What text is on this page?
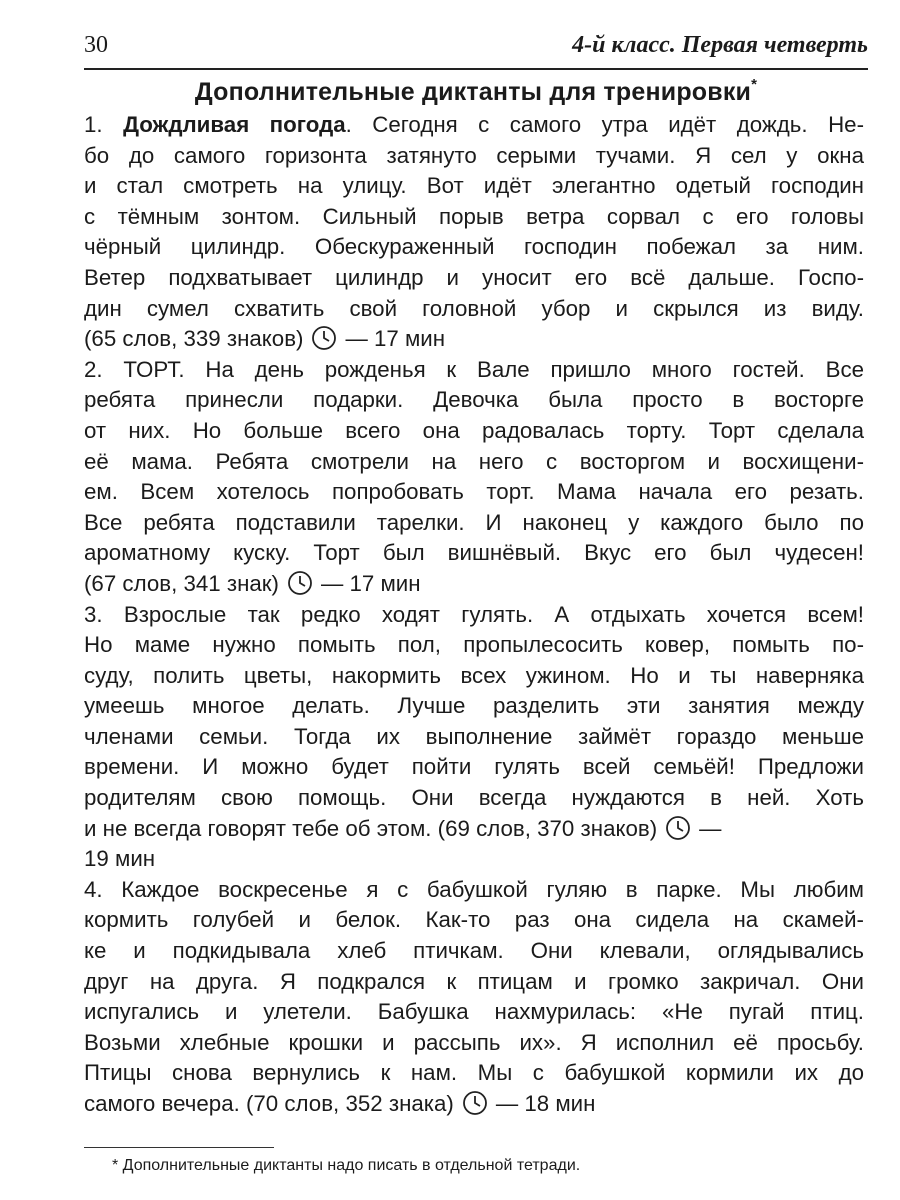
30	4-й класс. Первая четверть
Дополнительные диктанты для тренировки*
1. Дождливая погода. Сегодня с самого утра идёт дождь. Не-
бо до самого горизонта затянуто серыми тучами. Я сел у окна
и стал смотреть на улицу. Вот идёт элегантно одетый господин
с тёмным зонтом. Сильный порыв ветра сорвал с его головы
чёрный цилиндр. Обескураженный господин побежал за ним.
Ветер подхватывает цилиндр и уносит его всё дальше. Госпо-
дин сумел схватить свой головной убор и скрылся из виду.
(65 слов, 339 знаков) — 17 мин
2. ТОРТ. На день рожденья к Вале пришло много гостей. Все
ребята принесли подарки. Девочка была просто в восторге
от них. Но больше всего она радовалась торту. Торт сделала
её мама. Ребята смотрели на него с восторгом и восхищени-
ем. Всем хотелось попробовать торт. Мама начала его резать.
Все ребята подставили тарелки. И наконец у каждого было по
ароматному куску. Торт был вишнёвый. Вкус его был чудесен!
(67 слов, 341 знак) — 17 мин
3. Взрослые так редко ходят гулять. А отдыхать хочется всем!
Но маме нужно помыть пол, пропылесосить ковер, помыть по-
суду, полить цветы, накормить всех ужином. Но и ты наверняка
умеешь многое делать. Лучше разделить эти занятия между
членами семьи. Тогда их выполнение займёт гораздо меньше
времени. И можно будет пойти гулять всей семьёй! Предложи
родителям свою помощь. Они всегда нуждаются в ней. Хоть
и не всегда говорят тебе об этом. (69 слов, 370 знаков) —
19 мин
4. Каждое воскресенье я с бабушкой гуляю в парке. Мы любим
кормить голубей и белок. Как-то раз она сидела на скамей-
ке и подкидывала хлеб птичкам. Они клевали, оглядывались
друг на друга. Я подкрался к птицам и громко закричал. Они
испугались и улетели. Бабушка нахмурилась: «Не пугай птиц.
Возьми хлебные крошки и рассыпь их». Я исполнил её просьбу.
Птицы снова вернулись к нам. Мы с бабушкой кормили их до
самого вечера. (70 слов, 352 знака) — 18 мин
* Дополнительные диктанты надо писать в отдельной тетради.
